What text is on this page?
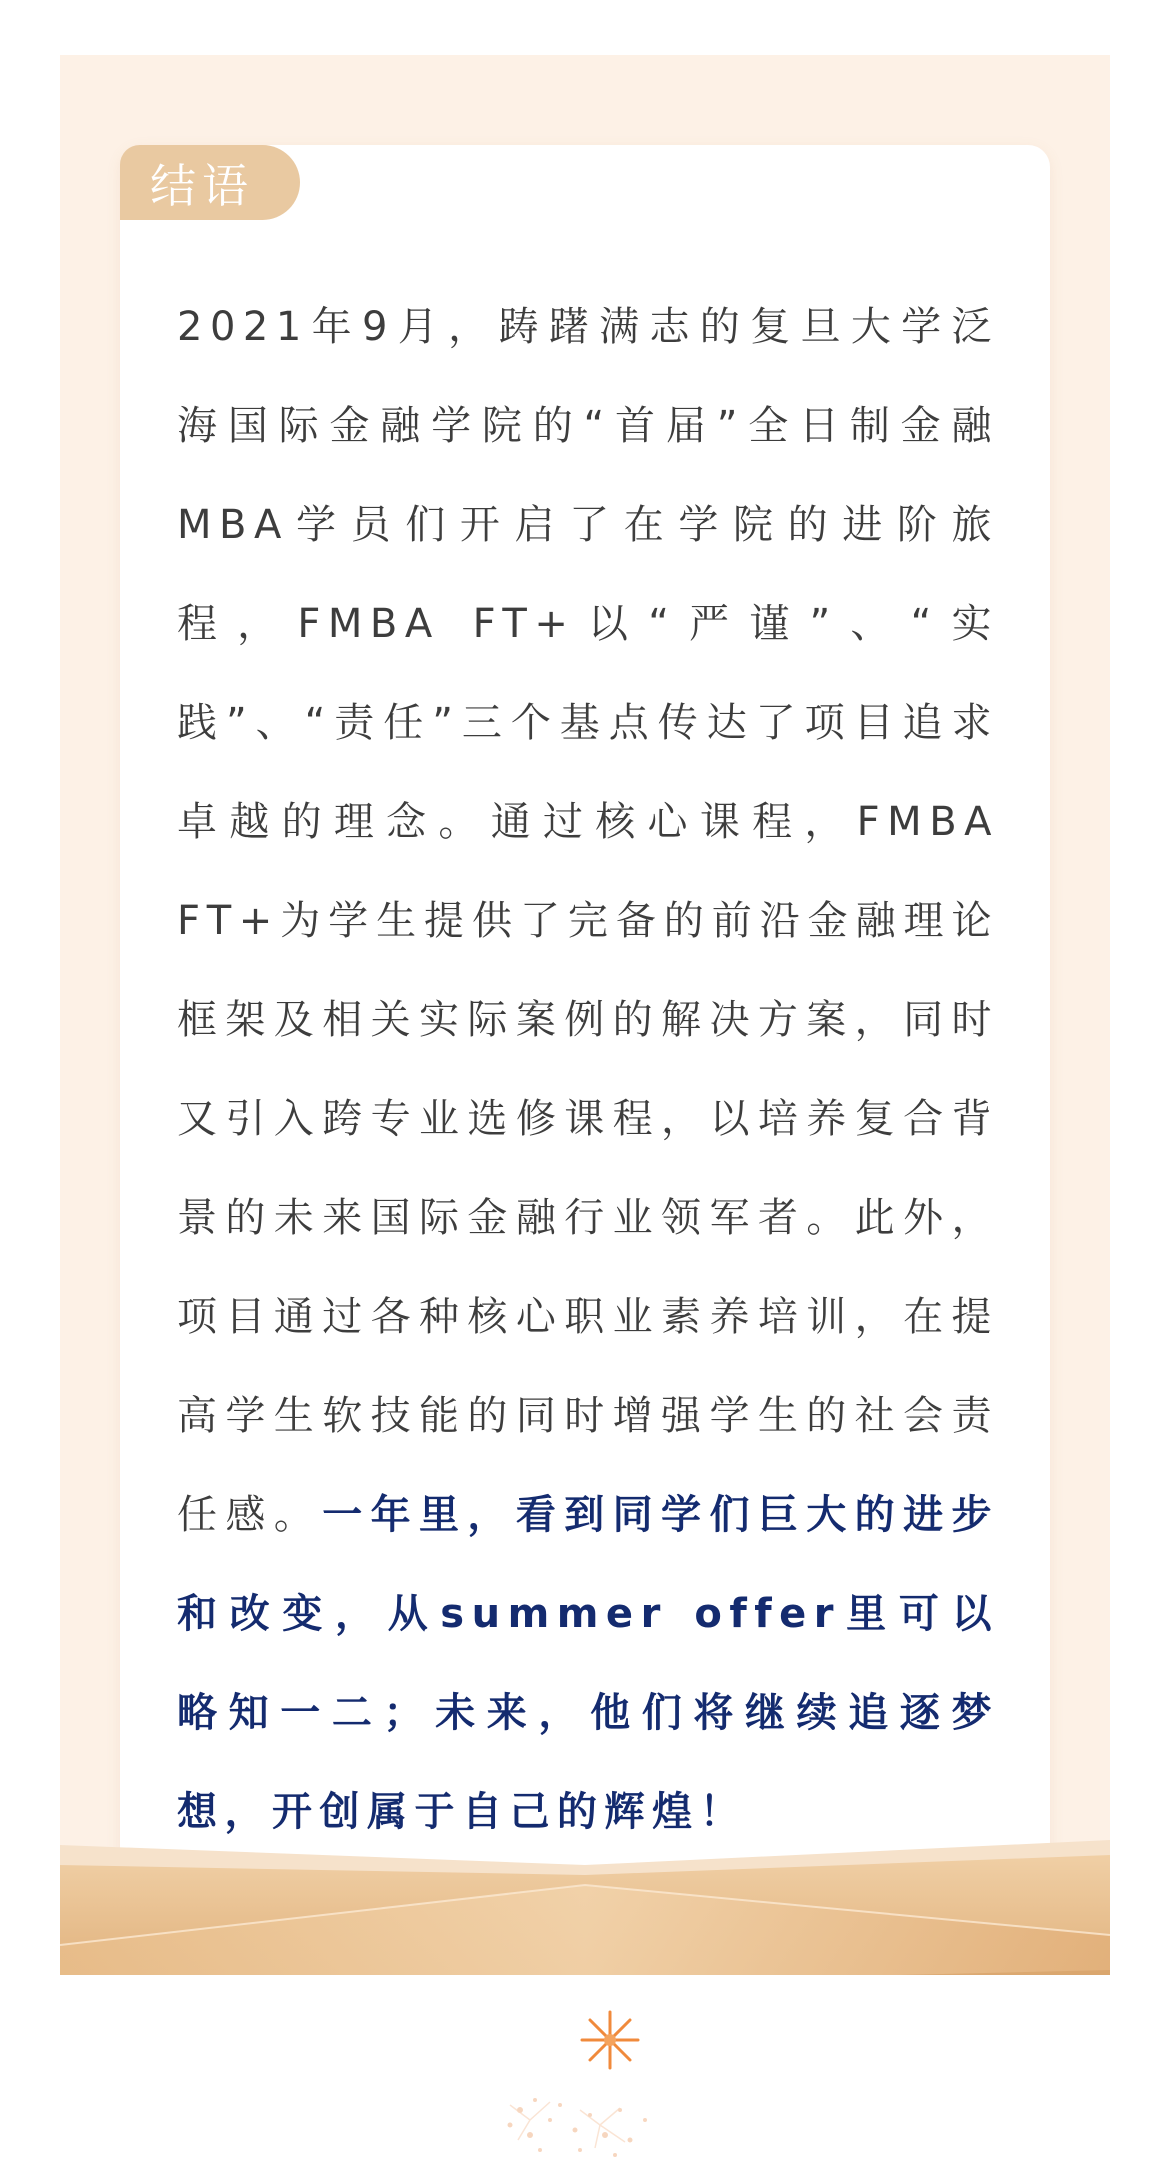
结语
2021年9月，踌躇满志的复旦大学泛海国际金融学院的“首届”全日制金融MBA学员们开启了在学院的进阶旅程，FMBA FT+以“严谨”、“实践”、“责任”三个基点传达了项目追求卓越的理念。通过核心课程，FMBA FT+为学生提供了完备的前沿金融理论框架及相关实际案例的解决方案，同时又引入跨专业选修课程，以培养复合背景的未来国际金融行业领军者。此外，项目通过各种核心职业素养培训，在提高学生软技能的同时增强学生的社会责任感。一年里，看到同学们巨大的进步和改变，从summer offer里可以略知一二；未来，他们将继续追逐梦想，开创属于自己的辉煌！
